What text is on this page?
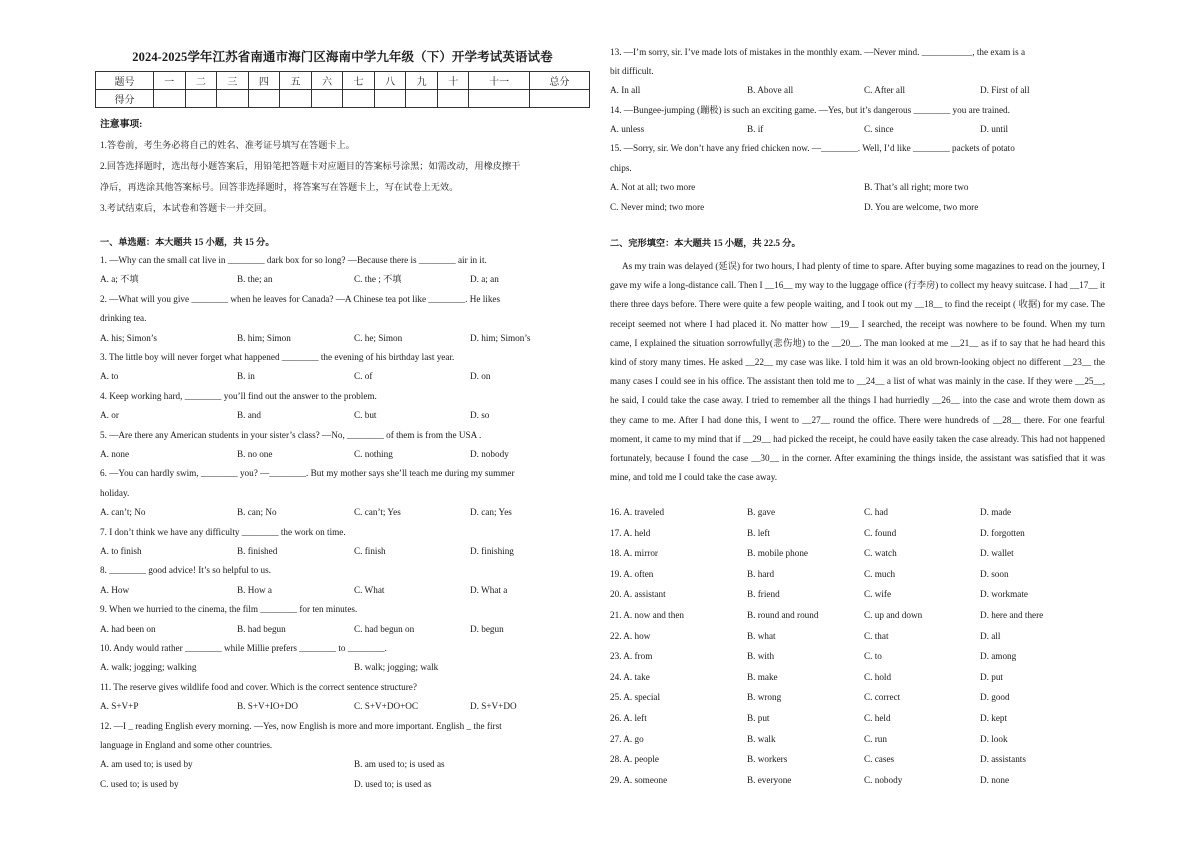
2024-2025学年江苏省南通市海门区海南中学九年级（下）开学考试英语试卷
题号	一	二	三	四	五	六	七	八	九	十	十一	总分
得分												
注意事项:
1.答卷前，考生务必将自己的姓名、准考证号填写在答题卡上。
2.回答选择题时，选出每小题答案后，用铅笔把答题卡对应题目的答案标号涂黑；如需改动，用橡皮擦干
净后，再选涂其他答案标号。回答非选择题时，将答案写在答题卡上，写在试卷上无效。
3.考试结束后，本试卷和答题卡一并交回。
一、单选题：本大题共 15 小题，共 15 分。
1. —Why can the small cat live in ________ dark box for so long? —Because there is ________ air in it.
A. a; 不填	B. the; an	C. the ; 不填	D. a; an
2. —What will you give ________ when he leaves for Canada? —A Chinese tea pot like ________. He likes
drinking tea.
A. his; Simon’s	B. him; Simon	C. he; Simon	D. him; Simon’s
3. The little boy will never forget what happened ________ the evening of his birthday last year.
A. to	B. in	C. of	D. on
4. Keep working hard, ________ you’ll find out the answer to the problem.
A. or	B. and	C. but	D. so
5. —Are there any American students in your sister’s class? —No, ________ of them is from the USA .
A. none	B. no one	C. nothing	D. nobody
6. —You can hardly swim, ________ you? —________. But my mother says she’ll teach me during my summer
holiday.
A. can’t; No	B. can; No	C. can’t; Yes	D. can; Yes
7. I don’t think we have any difficulty ________ the work on time.
A. to finish	B. finished	C. finish	D. finishing
8. ________ good advice! It’s so helpful to us.
A. How	B. How a	C. What	D. What a
9. When we hurried to the cinema, the film ________ for ten minutes.
A. had been on	B. had begun	C. had begun on	D. begun
10. Andy would rather ________ while Millie prefers ________ to ________.
A. walk; jogging; walking	B. walk; jogging; walk
11. The reserve gives wildlife food and cover. Which is the correct sentence structure?
A. S+V+P	B. S+V+IO+DO	C. S+V+DO+OC	D. S+V+DO
12. —I _ reading English every morning. —Yes, now English is more and more important. English _ the first
language in England and some other countries.
A. am used to; is used by	B. am used to; is used as
C. used to; is used by	D. used to; is used as
13. —I’m sorry, sir. I’ve made lots of mistakes in the monthly exam. —Never mind. ___________, the exam is a
bit difficult.
A. In all	B. Above all	C. After all	D. First of all
14. —Bungee-jumping (蹦极) is such an exciting game. —Yes, but it’s dangerous ________ you are trained.
A. unless	B. if	C. since	D. until
15. —Sorry, sir. We don’t have any fried chicken now. —________. Well, I’d like ________ packets of potato
chips.
A. Not at all; two more	B. That’s all right; more two
C. Never mind; two more	D. You are welcome, two more
二、完形填空：本大题共 15 小题，共 22.5 分。
As my train was delayed (延误) for two hours, I had plenty of time to spare. After buying some magazines to read on the journey, I gave my wife a long-distance call. Then I __16__ my way to the luggage office (行李房) to collect my heavy suitcase. I had __17__ it there three days before. There were quite a few people waiting, and I took out my __18__ to find the receipt ( 收据) for my case. The receipt seemed not where I had placed it. No matter how __19__ I searched, the receipt was nowhere to be found. When my turn came, I explained the situation sorrowfully(悲伤地) to the __20__. The man looked at me __21__ as if to say that he had heard this kind of story many times. He asked __22__ my case was like. I told him it was an old brown-looking object no different __23__ the many cases I could see in his office. The assistant then told me to __24__ a list of what was mainly in the case. If they were __25__, he said, I could take the case away. I tried to remember all the things I had hurriedly __26__ into the case and wrote them down as they came to me. After I had done this, I went to __27__ round the office. There were hundreds of __28__ there. For one fearful moment, it came to my mind that if __29__ had picked the receipt, he could have easily taken the case already. This had not happened fortunately, because I found the case __30__ in the corner. After examining the things inside, the assistant was satisfied that it was mine, and told me I could take the case away.
16. A. traveled	B. gave	C. had	D. made
17. A. held	B. left	C. found	D. forgotten
18. A. mirror	B. mobile phone	C. watch	D. wallet
19. A. often	B. hard	C. much	D. soon
20. A. assistant	B. friend	C. wife	D. workmate
21. A. now and then	B. round and round	C. up and down	D. here and there
22. A. how	B. what	C. that	D. all
23. A. from	B. with	C. to	D. among
24. A. take	B. make	C. hold	D. put
25. A. special	B. wrong	C. correct	D. good
26. A. left	B. put	C. held	D. kept
27. A. go	B. walk	C. run	D. look
28. A. people	B. workers	C. cases	D. assistants
29. A. someone	B. everyone	C. nobody	D. none
